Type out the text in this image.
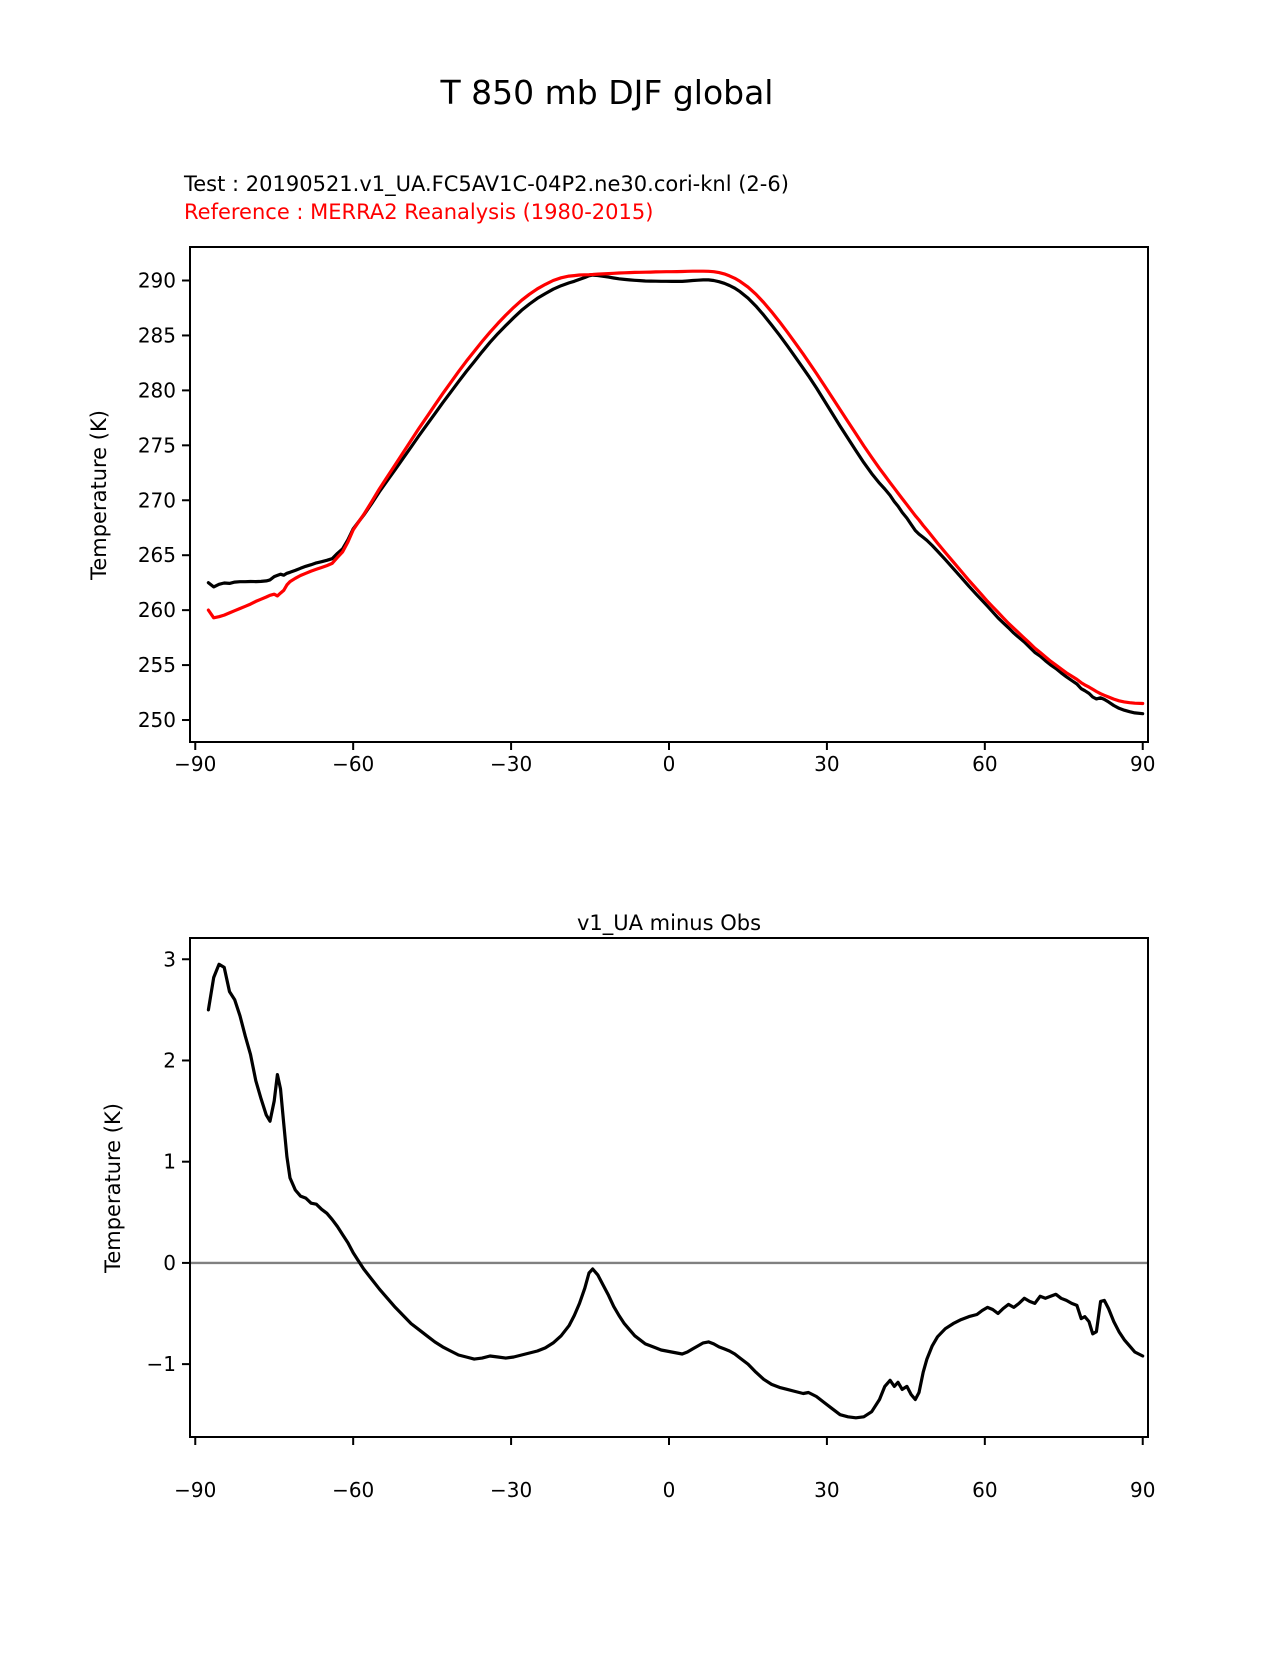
T 850 mb DJF global
Test : 20190521.v1_UA.FC5AV1C-04P2.ne30.cori-knl (2-6)
Reference : MERRA2 Reanalysis (1980-2015)
Temperature (K)
v1_UA minus Obs
Temperature (K)
−90	−60	−30	0	30	60	90
250
255
260
265
270
275
280
285
290
−90	−60	−30	0	30	60	90
3
2
1
0
−1
